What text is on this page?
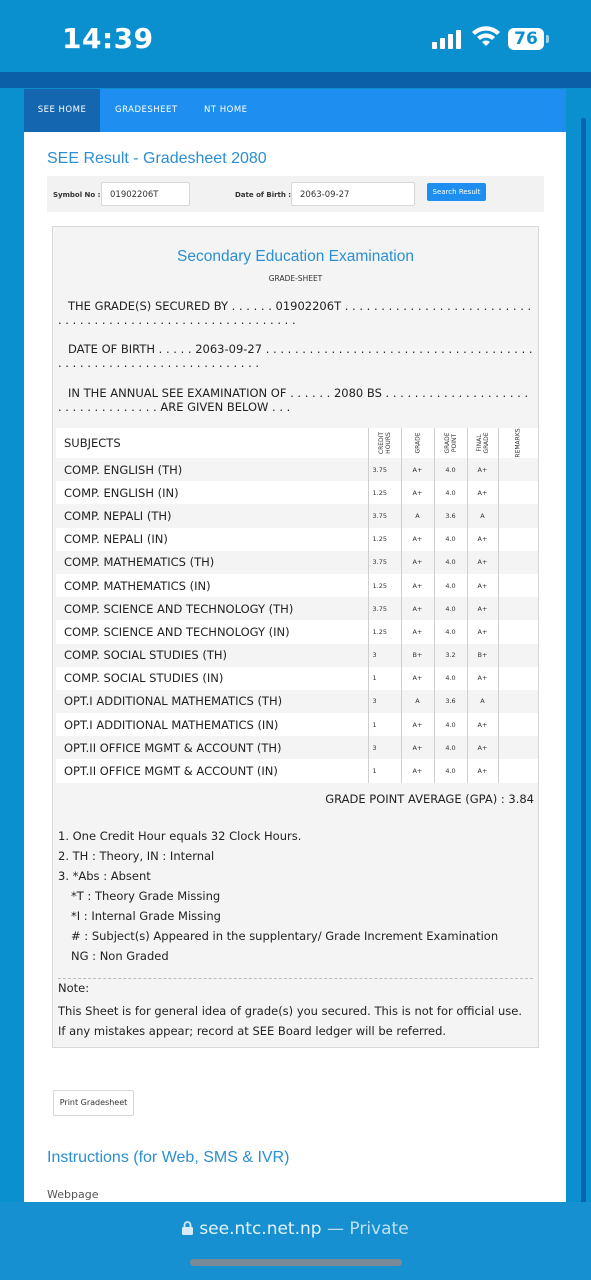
14:39	76
SEE HOME	GRADESHEET	NT HOME
SEE Result - Gradesheet 2080
Symbol No :	01902206T	Date of Birth :	2063-09-27	Search Result
Secondary Education Examination
GRADE-SHEET
THE GRADE(S) SECURED BY . . . . . . 01902206T . . . . . . . . . . . . . . . . . . . . . . . . . . . . . . . . . . . . . . . . . . . . . . . . . . . . . . . . . . .
DATE OF BIRTH . . . . . 2063-09-27 . . . . . . . . . . . . . . . . . . . . . . . . . . . . . . . . . . . . . . . . . . . . . . . . . . . . . . . . . . . . . . . . .
IN THE ANNUAL SEE EXAMINATION OF . . . . . . 2080 BS . . . . . . . . . . . . . . . . . . . . . . . . . . . . . . . . . . ARE GIVEN BELOW . . .
SUBJECTS	CREDIT HOURS	GRADE	GRADE POINT	FINAL GRADE	REMARKS

COMP. ENGLISH (TH)	3.75	A+	4.0	A+	
COMP. ENGLISH (IN)	1.25	A+	4.0	A+	
COMP. NEPALI (TH)	3.75	A	3.6	A	
COMP. NEPALI (IN)	1.25	A+	4.0	A+	
COMP. MATHEMATICS (TH)	3.75	A+	4.0	A+	
COMP. MATHEMATICS (IN)	1.25	A+	4.0	A+	
COMP. SCIENCE AND TECHNOLOGY (TH)	3.75	A+	4.0	A+	
COMP. SCIENCE AND TECHNOLOGY (IN)	1.25	A+	4.0	A+	
COMP. SOCIAL STUDIES (TH)	3	B+	3.2	B+	
COMP. SOCIAL STUDIES (IN)	1	A+	4.0	A+	
OPT.I ADDITIONAL MATHEMATICS (TH)	3	A	3.6	A	
OPT.I ADDITIONAL MATHEMATICS (IN)	1	A+	4.0	A+	
OPT.II OFFICE MGMT & ACCOUNT (TH)	3	A+	4.0	A+	
OPT.II OFFICE MGMT & ACCOUNT (IN)	1	A+	4.0	A+	
GRADE POINT AVERAGE (GPA) : 3.84
1. One Credit Hour equals 32 Clock Hours.
2. TH : Theory, IN : Internal
3. *Abs : Absent
*T : Theory Grade Missing
*I : Internal Grade Missing
# : Subject(s) Appeared in the supplentary/ Grade Increment Examination
NG : Non Graded
Note:
This Sheet is for general idea of grade(s) you secured. This is not for official use. If any mistakes appear; record at SEE Board ledger will be referred.
Print Gradesheet
Instructions (for Web, SMS & IVR)
Webpage
see.ntc.net.np — Private
